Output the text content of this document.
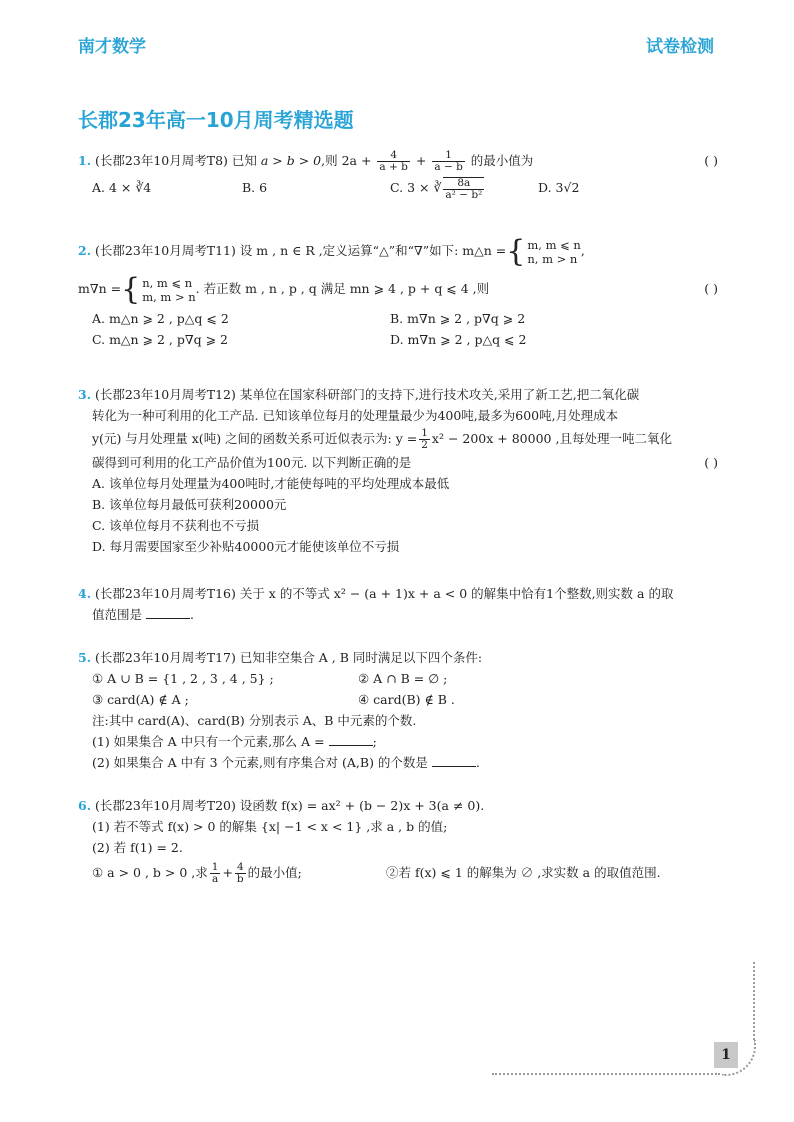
南才数学	试卷检测
长郡23年高一10月周考精选题
1. (长郡23年10月周考T8) 已知 a > b > 0,则 $2a + \frac{4}{a + b} + \frac{1}{a - b}$ 的最小值为	( )
A. 4 × ∛4	B. 6	C. 3 × ∛ $\frac{8a}{\text{a² − b²}}$	D. 3√2
2. (长郡23年10月周考T11) 设 m , n ∈ R ,定义运算“△”和“∇”如下: m△n ={ m, m ⩽ n
n, m > n
,
m∇n ={ n, m ⩽ n
m, m > n
. 若正数 m , n , p , q 满足 mn ⩾ 4 , p + q ⩽ 4 ,则	( )
A. m△n ⩾ 2 , p△q ⩽ 2	B. m∇n ⩾ 2 , p∇q ⩾ 2
C. m△n ⩾ 2 , p∇q ⩾ 2	D. m∇n ⩾ 2 , p△q ⩽ 2
3. (长郡23年10月周考T12) 某单位在国家科研部门的支持下,进行技术攻关,采用了新工艺,把二氧化碳
转化为一种可利用的化工产品. 已知该单位每月的处理量最少为400吨,最多为600吨,月处理成本
y(元) 与月处理量 x(吨) 之间的函数关系可近似表示为: $y = \frac{1}{2} x^2 - 200x + 80000$ ,且每处理一吨二氧化
碳得到可利用的化工产品价值为100元. 以下判断正确的是	( )
A. 该单位每月处理量为400吨时,才能使每吨的平均处理成本最低
B. 该单位每月最低可获利20000元
C. 该单位每月不获利也不亏损
D. 每月需要国家至少补贴40000元才能使该单位不亏损
4. (长郡23年10月周考T16) 关于 x 的不等式 x² − (a + 1)x + a < 0 的解集中恰有1个整数,则实数 a 的取
值范围是	.
5. (长郡23年10月周考T17) 已知非空集合 A , B 同时满足以下四个条件:
① A ∪ B = {1 , 2 , 3 , 4 , 5} ;	② A ∩ B = ∅ ;
③ card(A) ∉ A ;	④ card(B) ∉ B .
注:其中 card(A)、card(B) 分别表示 A、B 中元素的个数.
(1) 如果集合 A 中只有一个元素,那么 A =	;
(2) 如果集合 A 中有 3 个元素,则有序集合对 (A,B) 的个数是	.
6. (长郡23年10月周考T20) 设函数 f(x) = ax² + (b − 2)x + 3(a ≠ 0).
(1) 若不等式 f(x) > 0 的解集 {x| −1 < x < 1} ,求 a , b 的值;
(2) 若 f(1) = 2.
① a > 0 , b > 0 ,求 $\frac{1}{a} + \frac{4}{b}$ 的最小值;	②若 f(x) ⩽ 1 的解集为 ∅ ,求实数 a 的取值范围.
1
